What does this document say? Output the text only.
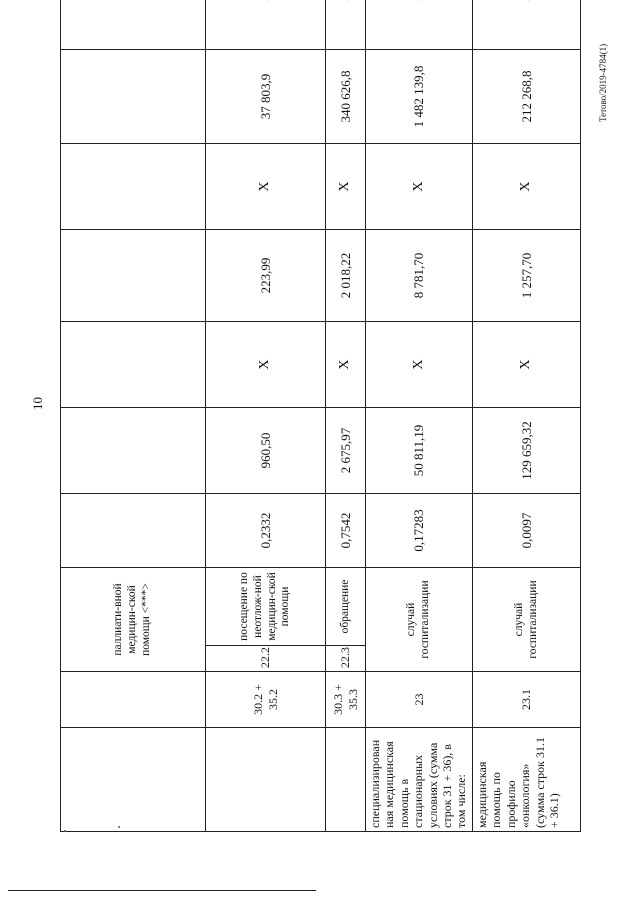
10
Тетово/2019-4784(1)
		паллиати-вной медицин-ской помощи <***>								
	30.2 + 35.2	22.2	посещение по неотлож-ной медицин-ской помощи	0,2332	960,50	X	223,99	X	37 803,9	
	30.3 + 35.3	22.3	обращение	0,7542	2 675,97	X	2 018,22	X	340 626,8	
специализирован ная медицинская помощь в стационарных условиях (сумма строк 31 + 36), в том числе:	23	случай госпитализации		0,17283	50 811,19	X	8 781,70	X	1 482 139,8	
медицинская помощь по профилю «онкология» (сумма строк 31.1 + 36.1)	23.1	случай госпитализации		0,0097	129 659,32	X	1 257,70	X	212 268,8	
